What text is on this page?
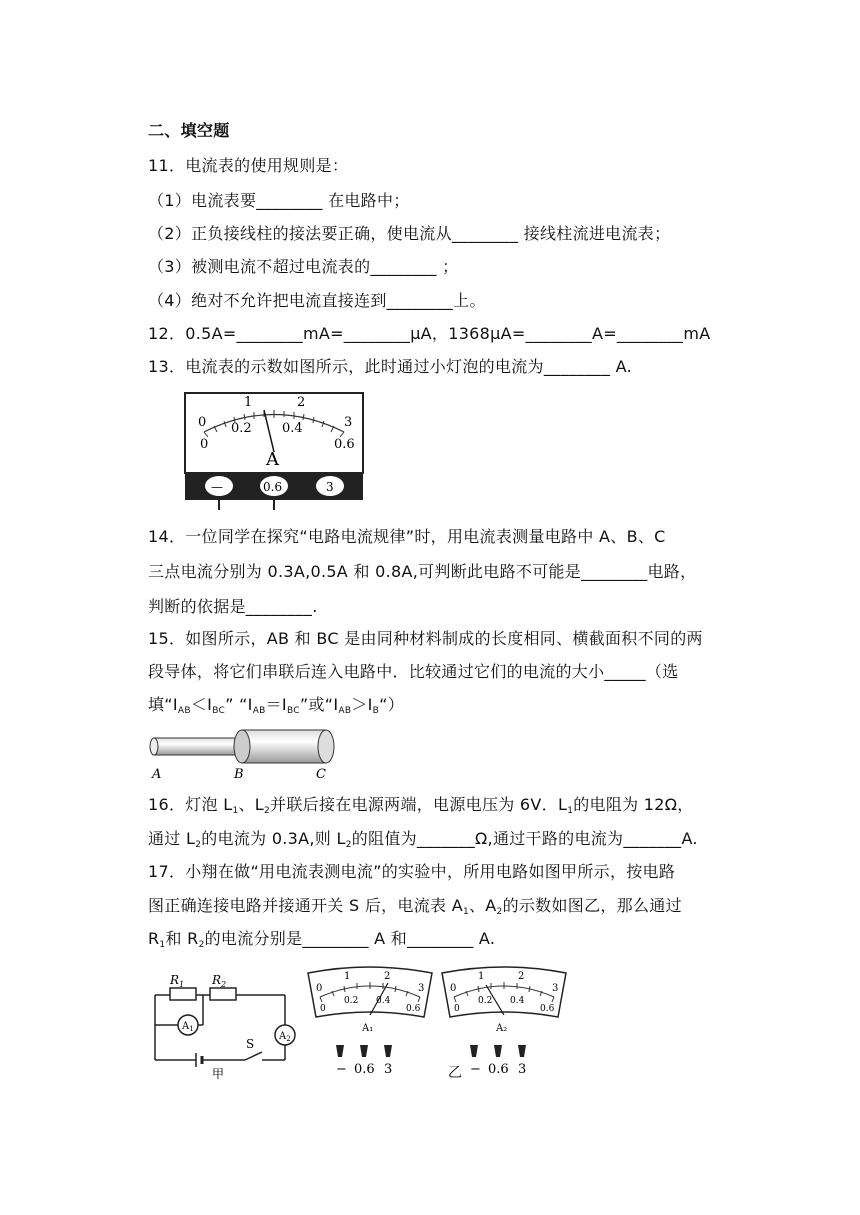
二、填空题
11．电流表的使用规则是：
（1）电流表要________ 在电路中；
（2）正负接线柱的接法要正确，使电流从________ 接线柱流进电流表；
（3）被测电流不超过电流表的________ ；
（4）绝对不允许把电流直接连到________上。
12．0.5A=________mA=________μA，1368μA=________A=________mA
13．电流表的示数如图所示，此时通过小灯泡的电流为________ A.
0
1	2
3
0
0.2 0.4
0.6
A
—	0.6	3
14．一位同学在探究“电路电流规律”时，用电流表测量电路中 A、B、C
三点电流分别为 0.3A,0.5A 和 0.8A,可判断此电路不可能是________电路，
判断的依据是________.
15．如图所示，AB 和 BC 是由同种材料制成的长度相同、横截面积不同的两
段导体，将它们串联后连入电路中．比较通过它们的电流的大小_____（选
填“$I_{AB}<I_{BC}$” “$I_{AB}=I_{BC}$”或“$I_{AB}>I_B“$）
A	B	C
16．灯泡 $L_1$、$L_2$并联后接在电源两端，电源电压为 6V．$L_1$的电阻为 12Ω，
通过 $L_2$的电流为 0.3A,则 $L_2$的阻值为_______Ω,通过干路的电流为_______A.
17．小翔在做“用电流表测电流”的实验中，所用电路如图甲所示，按电路
图正确连接电路并接通开关 S 后，电流表 $A_1$、$A_2$的示数如图乙，那么通过
$R_1$和 $R_2$的电流分别是________ A 和________ A.
$R_1$ $R_2$
$A_1$
$A_2$
S
甲
0
1	2
3
0
0.2 0.4
0.6
A₁
− 0.6 3	乙
0
1	2
3
0
0.2 0.4
0.6
A₂
− 0.6 3
